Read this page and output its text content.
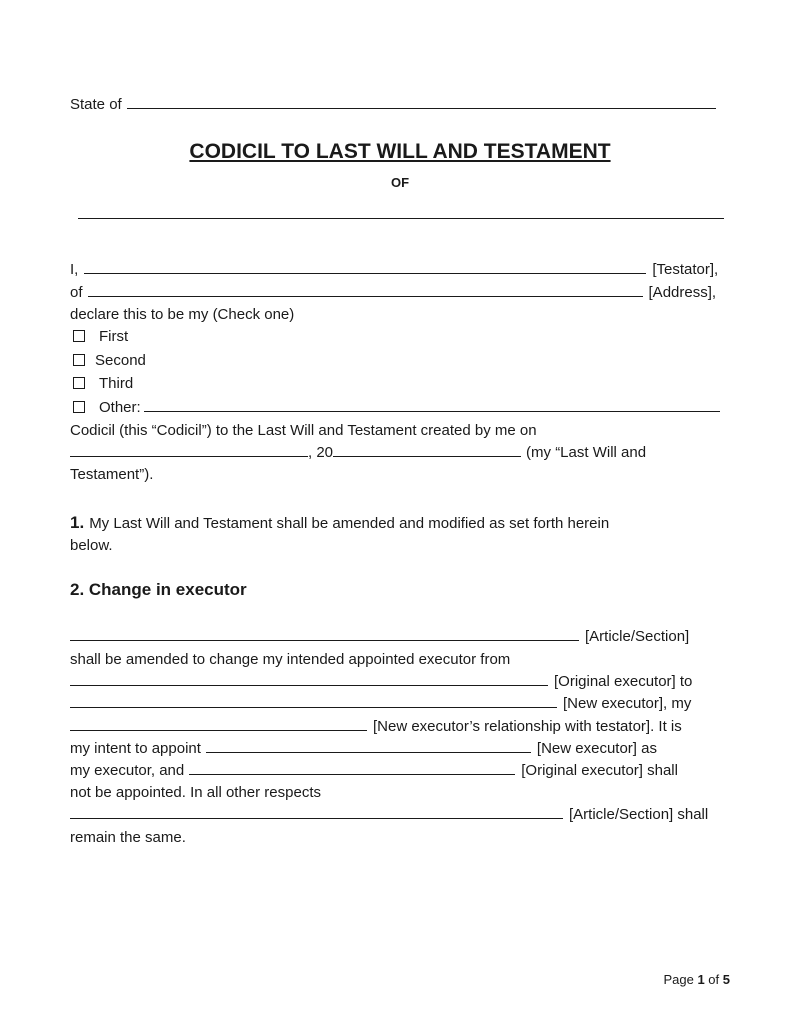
State of
CODICIL TO LAST WILL AND TESTAMENT
OF
I,	[Testator],
of	[Address],
declare this to be my (Check one)
First
Second
Third
Other:
Codicil (this “Codicil”) to the Last Will and Testament created by me on
, 20	(my “Last Will and
Testament”).
1. My Last Will and Testament shall be amended and modified as set forth herein
below.
2. Change in executor
[Article/Section]
shall be amended to change my intended appointed executor from
[Original executor] to
[New executor], my
[New executor’s relationship with testator]. It is
my intent to appoint	[New executor] as
my executor, and	[Original executor] shall
not be appointed. In all other respects
[Article/Section] shall
remain the same.
Page 1 of 5
